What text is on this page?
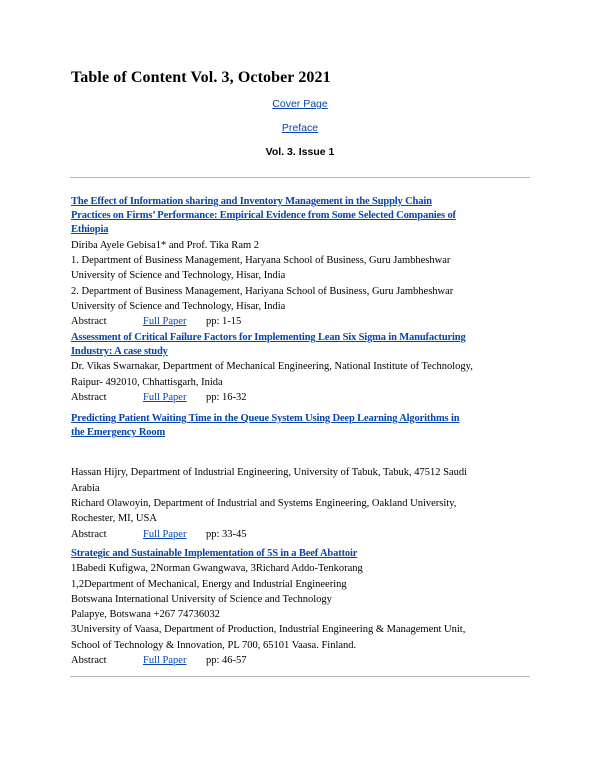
Table of Content Vol. 3, October 2021
Cover Page
Preface
Vol. 3. Issue 1
The Effect of Information sharing and Inventory Management in the Supply Chain
Practices on Firms’ Performance: Empirical Evidence from Some Selected Companies of
Ethiopia
Diriba Ayele Gebisa1* and Prof. Tika Ram 2
1. Department of Business Management, Haryana School of Business, Guru Jambheshwar
University of Science and Technology, Hisar, India
2. Department of Business Management, Hariyana School of Business, Guru Jambheshwar
University of Science and Technology, Hisar, India
Abstract	Full Paper pp: 1-15
Assessment of Critical Failure Factors for Implementing Lean Six Sigma in Manufacturing
Industry: A case study
Dr. Vikas Swarnakar, Department of Mechanical Engineering, National Institute of Technology,
Raipur- 492010, Chhattisgarh, Inida
Abstract	Full Paper pp: 16-32
Predicting Patient Waiting Time in the Queue System Using Deep Learning Algorithms in
the Emergency Room
Hassan Hijry, Department of Industrial Engineering, University of Tabuk, Tabuk, 47512 Saudi
Arabia
Richard Olawoyin, Department of Industrial and Systems Engineering, Oakland University,
Rochester, MI, USA
Abstract	Full Paper pp: 33-45
Strategic and Sustainable Implementation of 5S in a Beef Abattoir
1Babedi Kufigwa, 2Norman Gwangwava, 3Richard Addo-Tenkorang
1,2Department of Mechanical, Energy and Industrial Engineering
Botswana International University of Science and Technology
Palapye, Botswana +267 74736032
3University of Vaasa, Department of Production, Industrial Engineering & Management Unit,
School of Technology & Innovation, PL 700, 65101 Vaasa. Finland.
Abstract	Full Paper pp: 46-57
